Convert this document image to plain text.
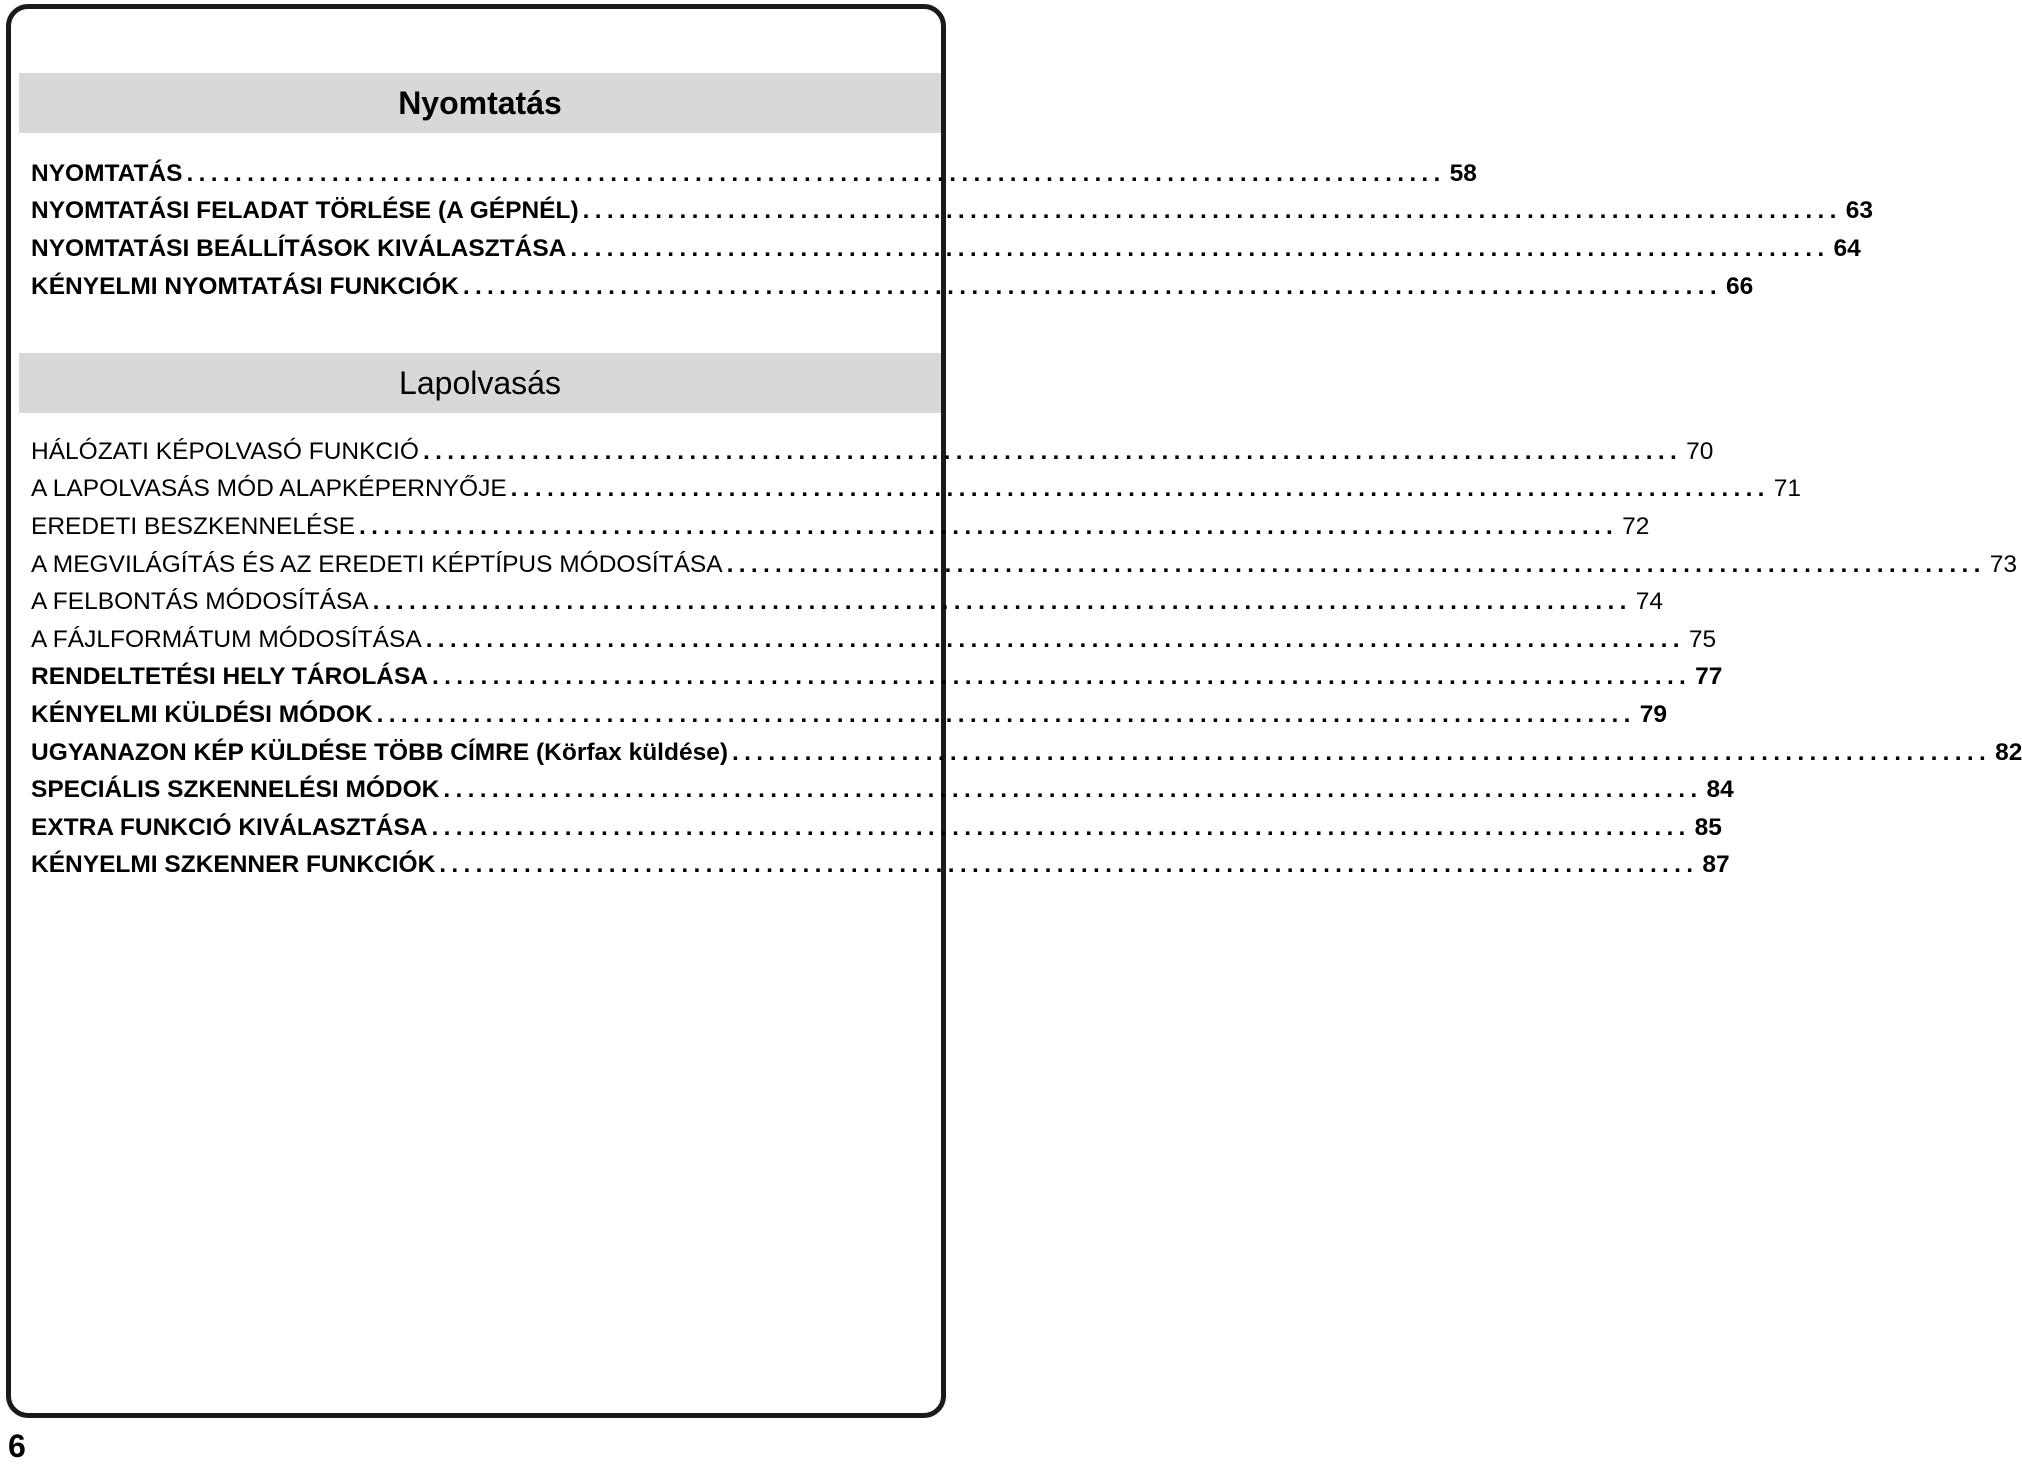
Nyomtatás
NYOMTATÁS ........................................................................................................ 58
NYOMTATÁSI FELADAT TÖRLÉSE (A GÉPNÉL) ........................................................................................................ 63
NYOMTATÁSI BEÁLLÍTÁSOK KIVÁLASZTÁSA ........................................................................................................ 64
KÉNYELMI NYOMTATÁSI FUNKCIÓK ........................................................................................................ 66
Lapolvasás
HÁLÓZATI KÉPOLVASÓ FUNKCIÓ ........................................................................................................ 70
A LAPOLVASÁS MÓD ALAPKÉPERNYŐJE ........................................................................................................ 71
EREDETI BESZKENNELÉSE ........................................................................................................ 72
A MEGVILÁGÍTÁS ÉS AZ EREDETI KÉPTÍPUS MÓDOSÍTÁSA ........................................................................................................ 73
A FELBONTÁS MÓDOSÍTÁSA ........................................................................................................ 74
A FÁJLFORMÁTUM MÓDOSÍTÁSA ........................................................................................................ 75
RENDELTETÉSI HELY TÁROLÁSA ........................................................................................................ 77
KÉNYELMI KÜLDÉSI MÓDOK ........................................................................................................ 79
UGYANAZON KÉP KÜLDÉSE TÖBB CÍMRE (Körfax küldése) ........................................................................................................ 82
SPECIÁLIS SZKENNELÉSI MÓDOK ........................................................................................................ 84
EXTRA FUNKCIÓ KIVÁLASZTÁSA ........................................................................................................ 85
KÉNYELMI SZKENNER FUNKCIÓK ........................................................................................................ 87
6
